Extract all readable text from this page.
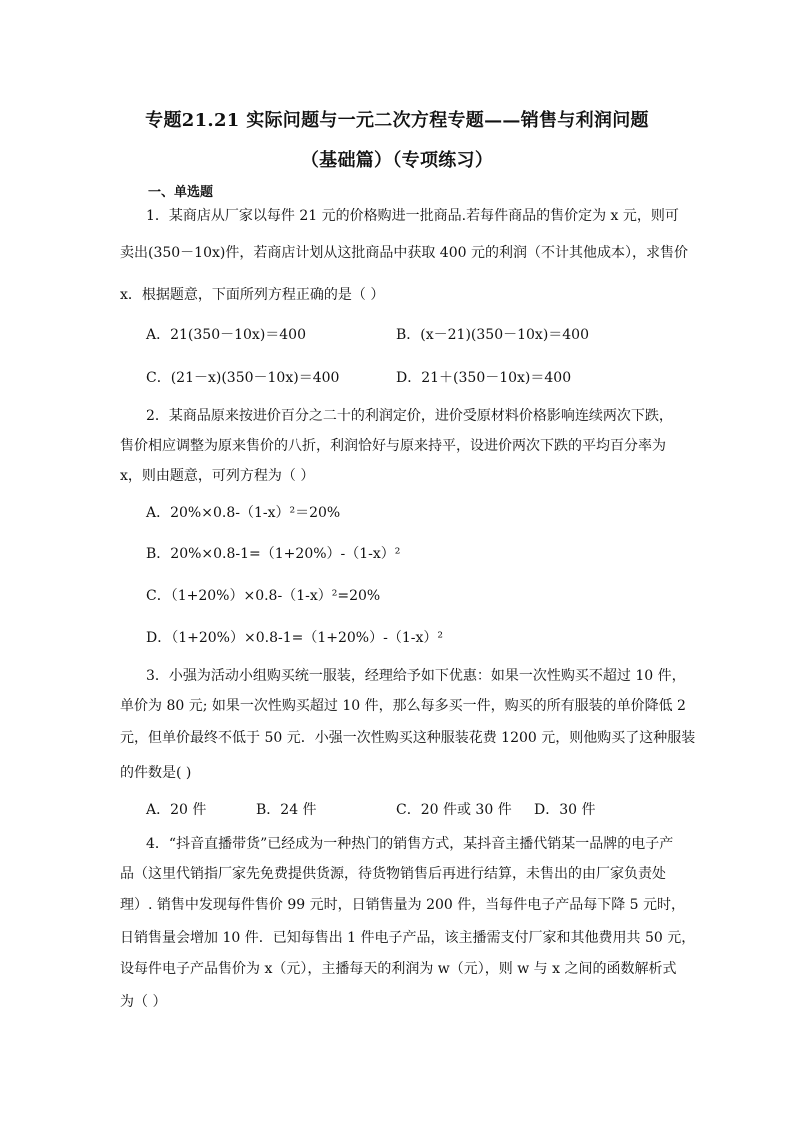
专题21.21 实际问题与一元二次方程专题——销售与利润问题
（基础篇）（专项练习）
一、单选题
1．某商店从厂家以每件 21 元的价格购进一批商品.若每件商品的售价定为 x 元，则可
卖出(350－10x)件，若商店计划从这批商品中获取 400 元的利润（不计其他成本），求售价
x．根据题意，下面所列方程正确的是（ ）
A．21(350－10x)＝400	B．(x－21)(350－10x)＝400
C．(21－x)(350－10x)＝400	D．21＋(350－10x)＝400
2．某商品原来按进价百分之二十的利润定价，进价受原材料价格影响连续两次下跌，
售价相应调整为原来售价的八折，利润恰好与原来持平，设进价两次下跌的平均百分率为
x，则由题意，可列方程为（ ）
A．20%×0.8-（1-x）²＝20%
B．20%×0.8-1=（1+20%）-（1-x）²
C．（1+20%）×0.8-（1-x）²=20%
D．（1+20%）×0.8-1=（1+20%）-（1-x）²
3．小强为活动小组购买统一服装，经理给予如下优惠：如果一次性购买不超过 10 件，
单价为 80 元; 如果一次性购买超过 10 件，那么每多买一件，购买的所有服装的单价降低 2
元，但单价最终不低于 50 元．小强一次性购买这种服装花费 1200 元，则他购买了这种服装
的件数是( )
A．20 件	B．24 件	C．20 件或 30 件 D．30 件
4．“抖音直播带货”已经成为一种热门的销售方式，某抖音主播代销某一品牌的电子产
品（这里代销指厂家先免费提供货源，待货物销售后再进行结算，未售出的由厂家负责处
理）. 销售中发现每件售价 99 元时，日销售量为 200 件，当每件电子产品每下降 5 元时，
日销售量会增加 10 件．已知每售出 1 件电子产品，该主播需支付厂家和其他费用共 50 元，
设每件电子产品售价为 x（元），主播每天的利润为 w（元），则 w 与 x 之间的函数解析式
为（ ）
